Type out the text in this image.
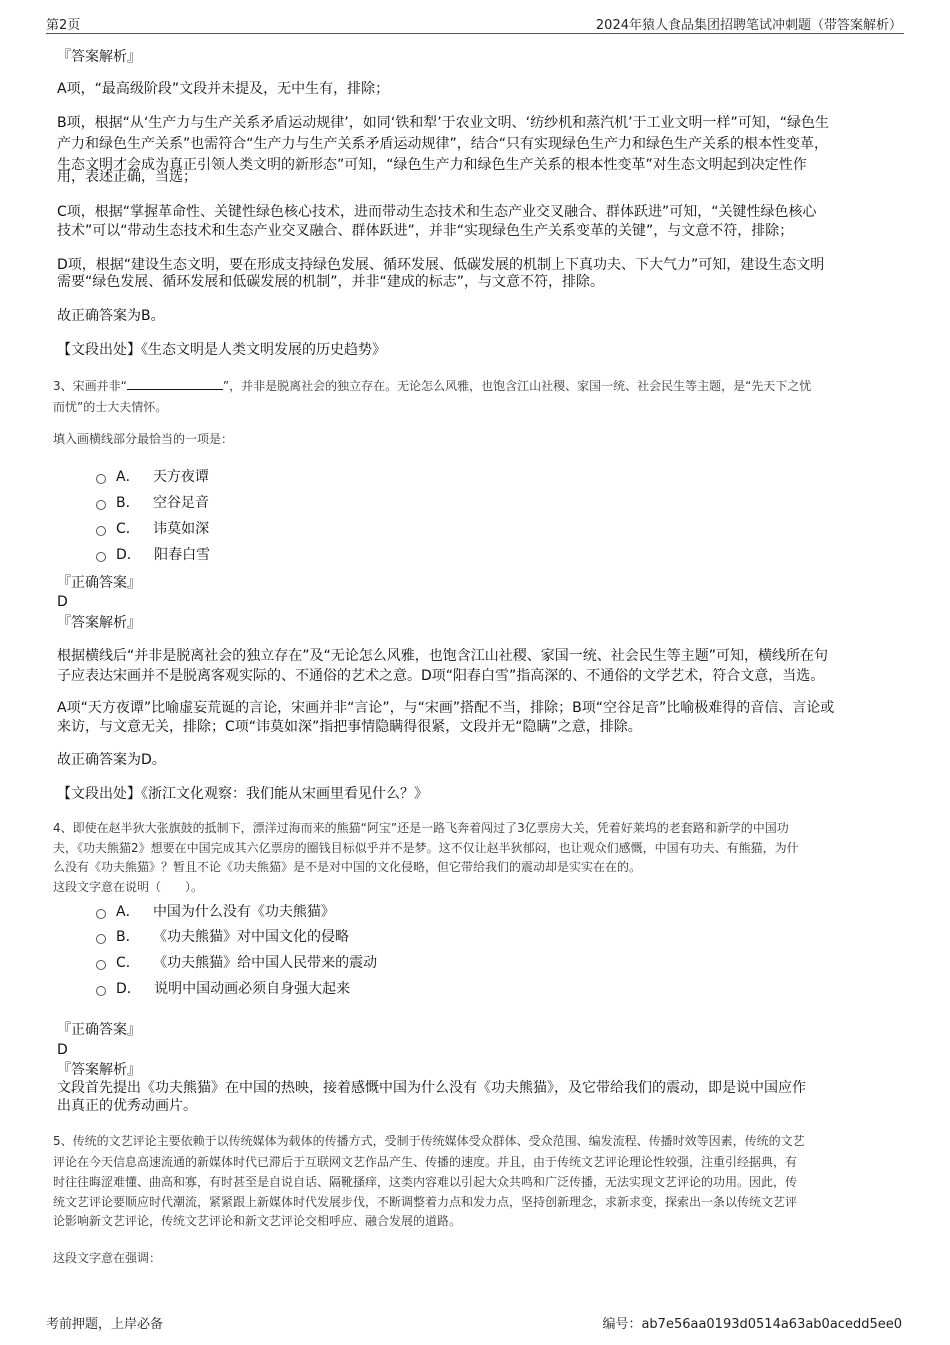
第2页	2024年猿人食品集团招聘笔试冲刺题（带答案解析）
『答案解析』
A项，“最高级阶段”文段并未提及，无中生有，排除；
B项，根据“从‘生产力与生产关系矛盾运动规律’，如同‘铁和犁’于农业文明、‘纺纱机和蒸汽机’于工业文明一样”可知，“绿色生
产力和绿色生产关系”也需符合“生产力与生产关系矛盾运动规律”，结合“只有实现绿色生产力和绿色生产关系的根本性变革，
生态文明才会成为真正引领人类文明的新形态”可知，“绿色生产力和绿色生产关系的根本性变革”对生态文明起到决定性作
用，表述正确，当选；
C项，根据“掌握革命性、关键性绿色核心技术，进而带动生态技术和生态产业交叉融合、群体跃进”可知，“关键性绿色核心
技术”可以“带动生态技术和生态产业交叉融合、群体跃进”，并非“实现绿色生产关系变革的关键”，与文意不符，排除；
D项，根据“建设生态文明，要在形成支持绿色发展、循环发展、低碳发展的机制上下真功夫、下大气力”可知，建设生态文明
需要“绿色发展、循环发展和低碳发展的机制”，并非“建成的标志”，与文意不符，排除。
故正确答案为B。
【文段出处】《生态文明是人类文明发展的历史趋势》
3、宋画并非“	”，并非是脱离社会的独立存在。无论怎么风雅，也饱含江山社稷、家国一统、社会民生等主题，是“先天下之忧
而忧”的士大夫情怀。
填入画横线部分最恰当的一项是：
A． 天方夜谭
B． 空谷足音
C． 讳莫如深
D． 阳春白雪
『正确答案』
D
『答案解析』
根据横线后“并非是脱离社会的独立存在”及“无论怎么风雅，也饱含江山社稷、家国一统、社会民生等主题”可知，横线所在句
子应表达宋画并不是脱离客观实际的、不通俗的艺术之意。D项“阳春白雪”指高深的、不通俗的文学艺术，符合文意，当选。
A项“天方夜谭”比喻虚妄荒诞的言论，宋画并非“言论”，与“宋画”搭配不当，排除；B项“空谷足音”比喻极难得的音信、言论或
来访，与文意无关，排除；C项“讳莫如深”指把事情隐瞒得很紧，文段并无“隐瞒”之意，排除。
故正确答案为D。
【文段出处】《浙江文化观察：我们能从宋画里看见什么？》
4、即使在赵半狄大张旗鼓的抵制下，漂洋过海而来的熊猫“阿宝”还是一路飞奔着闯过了3亿票房大关，凭着好莱坞的老套路和新学的中国功
夫，《功夫熊猫2》想要在中国完成其六亿票房的圈钱目标似乎并不是梦。这不仅让赵半狄郁闷，也让观众们感慨，中国有功夫、有熊猫，为什
么没有《功夫熊猫》？暂且不论《功夫熊猫》是不是对中国的文化侵略，但它带给我们的震动却是实实在在的。
这段文字意在说明（　　）。
A． 中国为什么没有《功夫熊猫》
B． 《功夫熊猫》对中国文化的侵略
C． 《功夫熊猫》给中国人民带来的震动
D． 说明中国动画必须自身强大起来
『正确答案』
D
『答案解析』
文段首先提出《功夫熊猫》在中国的热映，接着感慨中国为什么没有《功夫熊猫》，及它带给我们的震动，即是说中国应作
出真正的优秀动画片。
5、传统的文艺评论主要依赖于以传统媒体为载体的传播方式，受制于传统媒体受众群体、受众范围、编发流程、传播时效等因素，传统的文艺
评论在今天信息高速流通的新媒体时代已滞后于互联网文艺作品产生、传播的速度。并且，由于传统文艺评论理论性较强，注重引经据典，有
时往往晦涩难懂、曲高和寡，有时甚至是自说自话、隔靴搔痒，这类内容难以引起大众共鸣和广泛传播，无法实现文艺评论的功用。因此，传
统文艺评论要顺应时代潮流，紧紧跟上新媒体时代发展步伐，不断调整着力点和发力点，坚持创新理念，求新求变，探索出一条以传统文艺评
论影响新文艺评论，传统文艺评论和新文艺评论交相呼应、融合发展的道路。
这段文字意在强调：
考前押题，上岸必备	编号：ab7e56aa0193d0514a63ab0acedd5ee0
